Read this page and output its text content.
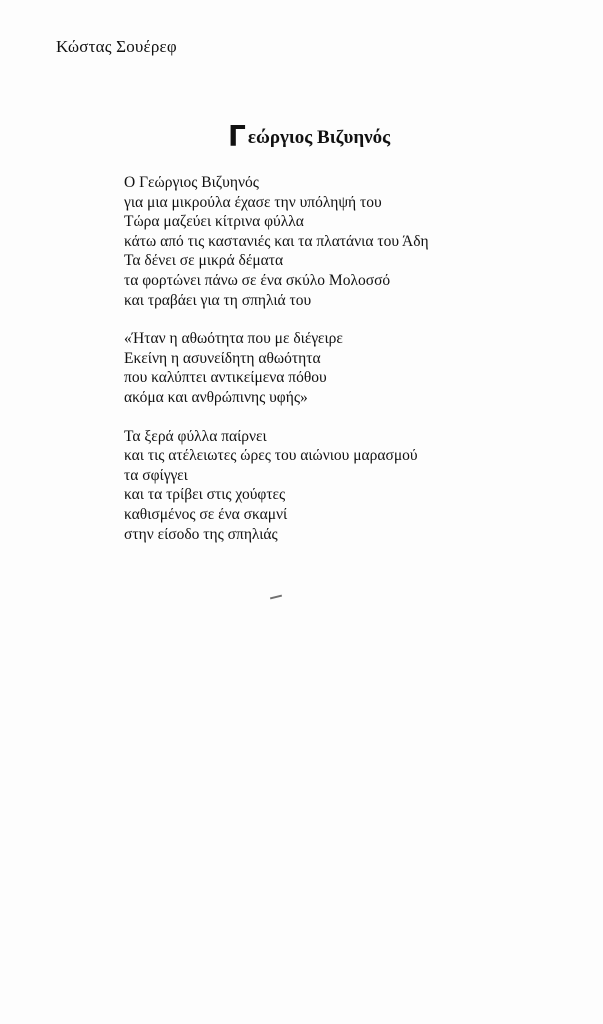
Κώστας Σουέρεφ
Γ εώργιος Βιζυηνός
Ο Γεώργιος Βιζυηνός
για μια μικρούλα έχασε την υπόληψή του
Τώρα μαζεύει κίτρινα φύλλα
κάτω από τις καστανιές και τα πλατάνια του Άδη
Τα δένει σε μικρά δέματα
τα φορτώνει πάνω σε ένα σκύλο Μολοσσό
και τραβάει για τη σπηλιά του
«Ήταν η αθωότητα που με διέγειρε
Εκείνη η ασυνείδητη αθωότητα
που καλύπτει αντικείμενα πόθου
ακόμα και ανθρώπινης υφής»
Τα ξερά φύλλα παίρνει
και τις ατέλειωτες ώρες του αιώνιου μαρασμού
τα σφίγγει
και τα τρίβει στις χούφτες
καθισμένος σε ένα σκαμνί
στην είσοδο της σπηλιάς
